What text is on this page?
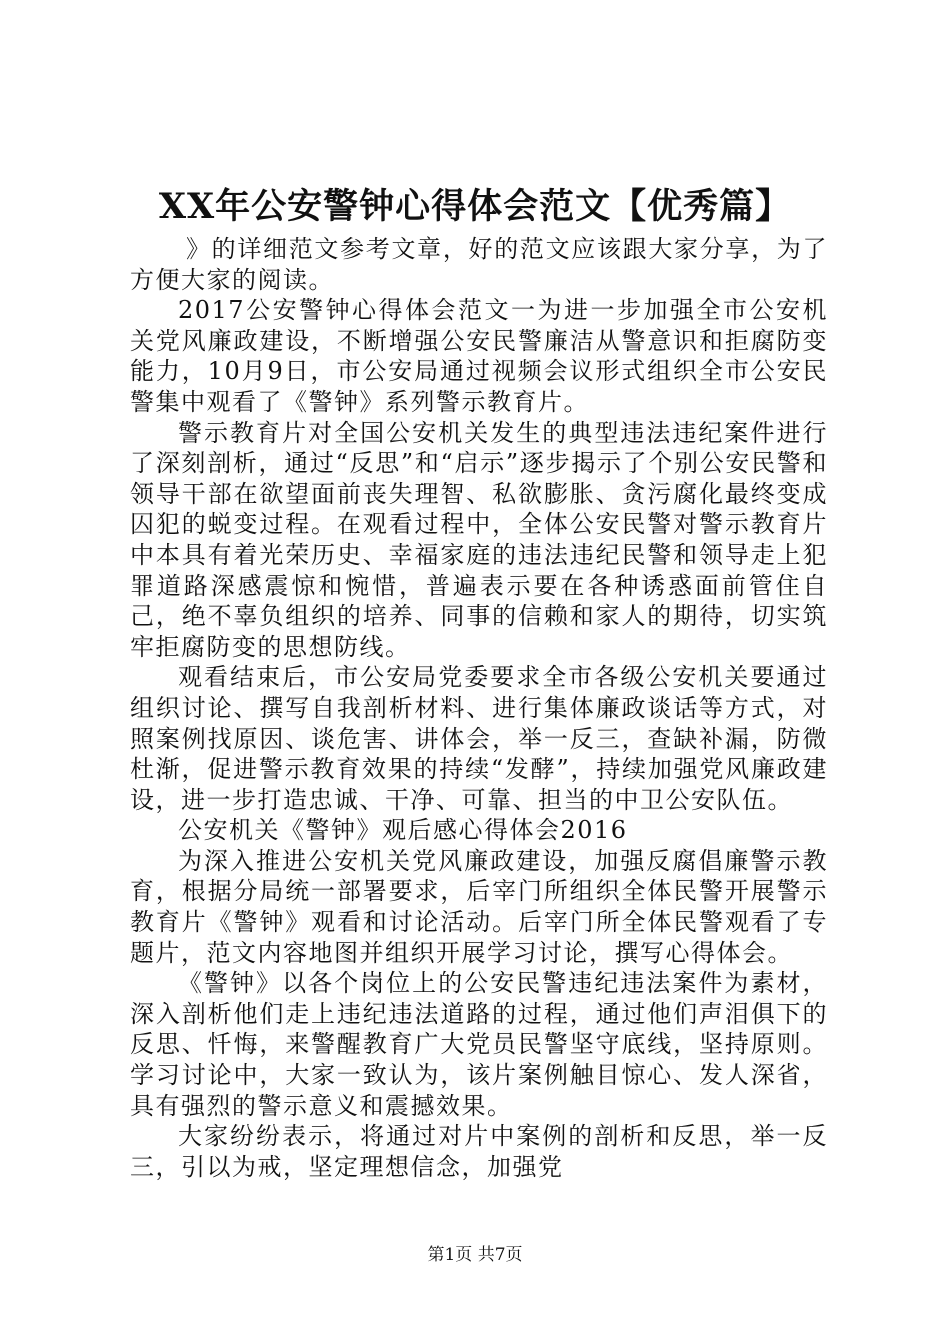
XX年公安警钟心得体会范文【优秀篇】

》的详细范文参考文章，好的范文应该跟大家分享，为了方便大家的阅读。

2017公安警钟心得体会范文一为进一步加强全市公安机关党风廉政建设，不断增强公安民警廉洁从警意识和拒腐防变能力，10月9日，市公安局通过视频会议形式组织全市公安民警集中观看了《警钟》系列警示教育片。

警示教育片对全国公安机关发生的典型违法违纪案件进行了深刻剖析，通过“反思”和“启示”逐步揭示了个别公安民警和领导干部在欲望面前丧失理智、私欲膨胀、贪污腐化最终变成囚犯的蜕变过程。在观看过程中，全体公安民警对警示教育片中本具有着光荣历史、幸福家庭的违法违纪民警和领导走上犯罪道路深感震惊和惋惜，普遍表示要在各种诱惑面前管住自己，绝不辜负组织的培养、同事的信赖和家人的期待，切实筑牢拒腐防变的思想防线。

观看结束后，市公安局党委要求全市各级公安机关要通过组织讨论、撰写自我剖析材料、进行集体廉政谈话等方式，对照案例找原因、谈危害、讲体会，举一反三，查缺补漏，防微杜渐，促进警示教育效果的持续“发酵”，持续加强党风廉政建设，进一步打造忠诚、干净、可靠、担当的中卫公安队伍。

公安机关《警钟》观后感心得体会2016

为深入推进公安机关党风廉政建设，加强反腐倡廉警示教育，根据分局统一部署要求，后宰门所组织全体民警开展警示教育片《警钟》观看和讨论活动。后宰门所全体民警观看了专题片，范文内容地图并组织开展学习讨论，撰写心得体会。

《警钟》以各个岗位上的公安民警违纪违法案件为素材，深入剖析他们走上违纪违法道路的过程，通过他们声泪俱下的反思、忏悔，来警醒教育广大党员民警坚守底线，坚持原则。学习讨论中，大家一致认为，该片案例触目惊心、发人深省，具有强烈的警示意义和震撼效果。

大家纷纷表示，将通过对片中案例的剖析和反思，举一反三，引以为戒，坚定理想信念，加强党

第1页 共7页
